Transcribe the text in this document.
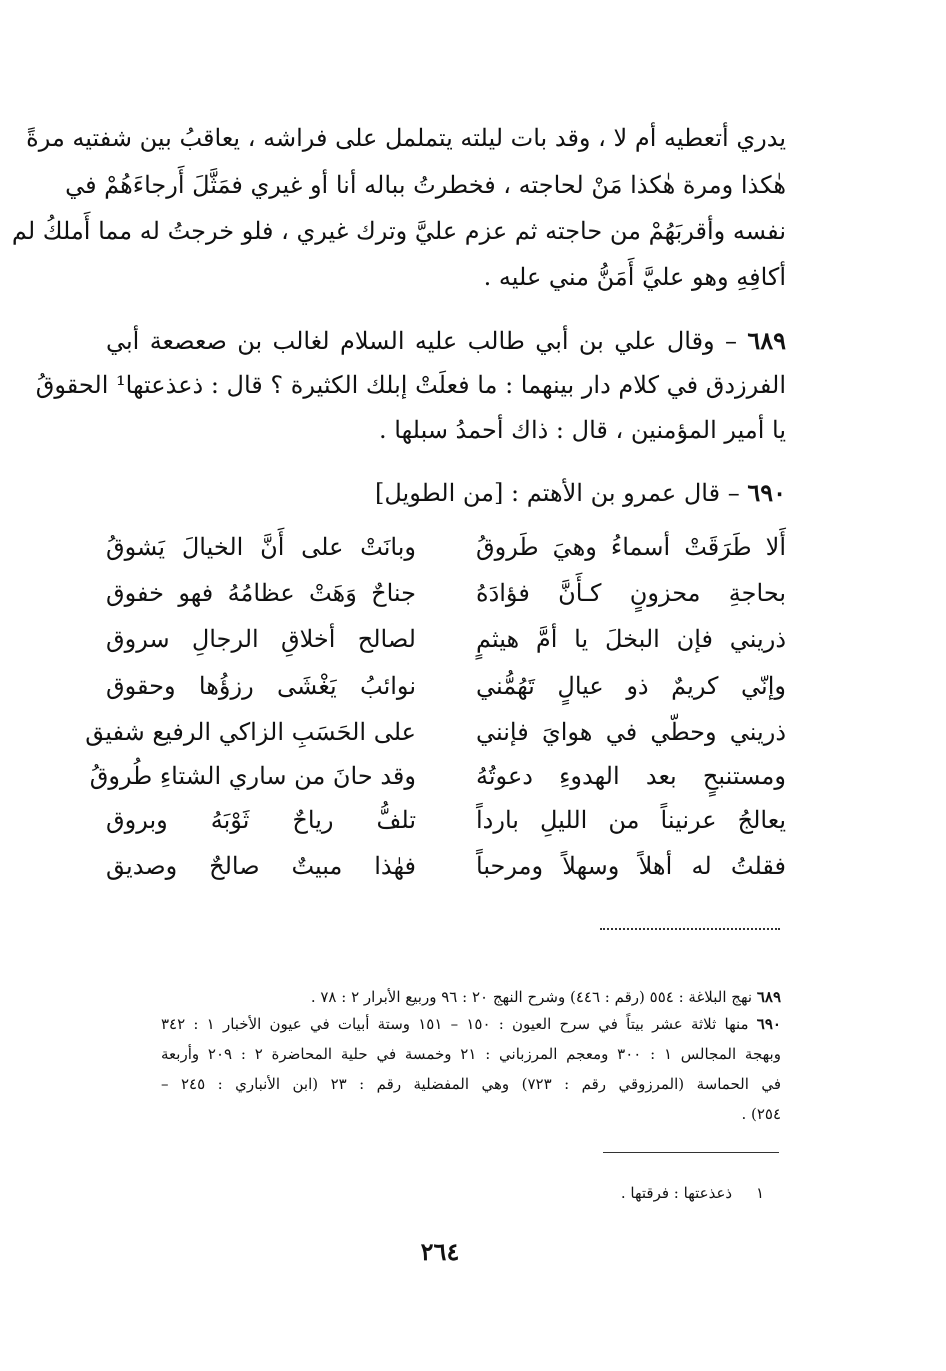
يدري أتعطيه أم لا ، وقد بات ليلته يتململ على فراشه ، يعاقبُ بين شفتيه مرةً
هٰكذا ومرة هٰكذا مَنْ لحاجته ، فخطرتُ بباله أنا أو غيري فمَثَّلَ أَرجاءَهُمْ في
نفسه وأقربَهُمْ من حاجته ثم عزم عليَّ وترك غيري ، فلو خرجتُ له مما أَملكُ لم
أكافِهِ وهو عليَّ أَمَنُّ مني عليه .
٦٨٩ – وقال علي بن أبي طالب عليه السلام لغالب بن صعصعة أبي
الفرزدق في كلام دار بينهما : ما فعلَتْ إبلك الكثيرة ؟ قال : ذعذعتها¹ الحقوقُ
يا أمير المؤمنين ، قال : ذاك أحمدُ سبلها .
٦٩٠ – قال عمرو بن الأهتم : [من الطويل]
أَلا طَرَقَتْ أسماءُ وهيَ طَروقُ
وبانَتْ على أَنَّ الخيالَ يَشوقُ
بحاجةِ محزونٍ كـأَنَّ فؤادَهُ
جناحٌ وَهَتْ عظامُهُ فهو خفوق
ذريني فإن البخلَ يا أمَّ هيثمٍ
لصالح أخلاقِ الرجالِ سروق
وإنّي كريمٌ ذو عيالٍ تَهُمُّني
نوائبُ يَغْشَى رزؤُها وحقوق
ذريني وحطّي في هوايَ فإنني
على الحَسَبِ الزاكي الرفيع شفيق
ومستنبحٍ بعد الهدوءِ دعوتُهُ
وقد حانَ من ساري الشتاءِ طُروقُ
يعالجُ عرنيناً من الليلِ بارداً
تلفُّ رياحٌ ثَوْبَهُ وبروق
فقلتُ له أهلاً وسهلاً ومرحباً
فهٰذا مبيتٌ صالحٌ وصديق
٦٨٩ نهج البلاغة : ٥٥٤ (رقم : ٤٤٦) وشرح النهج ٢٠ : ٩٦ وربيع الأبرار ٢ : ٧٨ .
٦٩٠ منها ثلاثة عشر بيتاً في سرح العيون : ١٥٠ – ١٥١ وستة أبيات في عيون الأخبار ١ : ٣٤٢
وبهجة المجالس ١ : ٣٠٠ ومعجم المرزباني : ٢١ وخمسة في حلية المحاضرة ٢ : ٢٠٩ وأربعة
في الحماسة (المرزوقي رقم : ٧٢٣) وهي المفضلية رقم : ٢٣ (ابن الأنباري : ٢٤٥ –
٢٥٤) .
١     ذعذعتها : فرقتها .
٢٦٤
